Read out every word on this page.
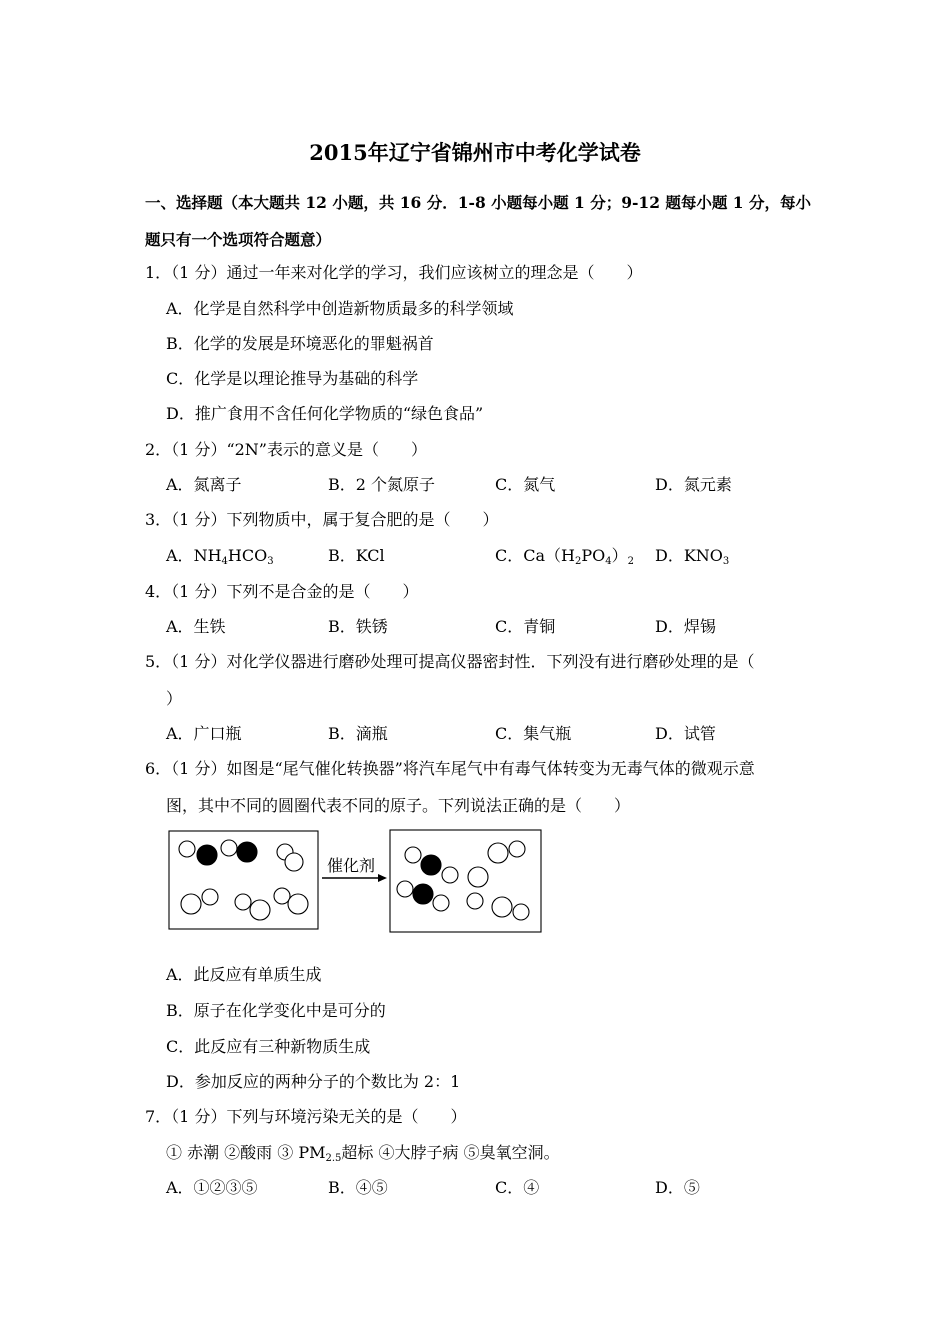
2015年辽宁省锦州市中考化学试卷
一、选择题（本大题共 12 小题，共 16 分．1-8 小题每小题 1 分；9-12 题每小题 1 分，每小
题只有一个选项符合题意）
1．（1 分）通过一年来对化学的学习，我们应该树立的理念是（　　）
A．化学是自然科学中创造新物质最多的科学领域
B．化学的发展是环境恶化的罪魁祸首
C．化学是以理论推导为基础的科学
D．推广食用不含任何化学物质的“绿色食品”
2．（1 分）“2N”表示的意义是（　　）
A．氮离子	B．2 个氮原子	C．氮气	D．氮元素
3．（1 分）下列物质中，属于复合肥的是（　　）
A．$NH_4HCO_3$	B．KCl	C．$Ca(H_2PO_4)_2$ D．$KNO_3$
4．（1 分）下列不是合金的是（　　）
A．生铁	B．铁锈	C．青铜	D．焊锡
5．（1 分）对化学仪器进行磨砂处理可提高仪器密封性．下列没有进行磨砂处理的是（
）
A．广口瓶	B．滴瓶	C．集气瓶	D．试管
6．（1 分）如图是“尾气催化转换器”将汽车尾气中有毒气体转变为无毒气体的微观示意
图，其中不同的圆圈代表不同的原子。下列说法正确的是（　　）
催化剂
A．此反应有单质生成
B．原子在化学变化中是可分的
C．此反应有三种新物质生成
D．参加反应的两种分子的个数比为 2：1
7．（1 分）下列与环境污染无关的是（　　）
① 赤潮 ②酸雨 ③ $PM_{2.5}$超标 ④大脖子病 ⑤臭氧空洞。
A．①②③⑤	B．④⑤	C．④	D．⑤
